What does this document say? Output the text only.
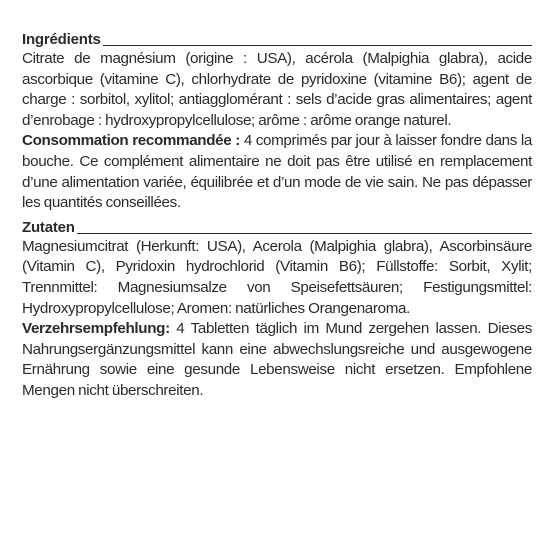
Ingrédients

Citrate de magnésium (origine : USA), acérola (Malpighia glabra), acide ascorbique (vitamine C), chlorhydrate de pyridoxine (vitamine B6); agent de charge : sorbitol, xylitol; antiagglomérant : sels d’acide gras alimentaires; agent d’enrobage : hydroxypropylcellulose; arôme : arôme orange naturel.

Consommation recommandée : 4 comprimés par jour à laisser fondre dans la bouche. Ce complément alimentaire ne doit pas être utilisé en remplacement d’une alimentation variée, équilibrée et d’un mode de vie sain. Ne pas dépasser les quantités conseillées.

Zutaten

Magnesiumcitrat (Herkunft: USA), Acerola (Malpighia glabra), Ascorbinsäure (Vitamin C), Pyridoxin hydrochlorid (Vitamin B6); Füllstoffe: Sorbit, Xylit; Trennmittel: Magnesiumsalze von Speisefettsäuren; Festigungsmittel: Hydroxypropylcellulose; Aromen: natürliches Orangenaroma.

Verzehrsempfehlung: 4 Tabletten täglich im Mund zergehen lassen. Dieses Nahrungsergänzungsmittel kann eine abwechslungsreiche und ausgewogene Ernährung sowie eine gesunde Lebensweise nicht ersetzen. Empfohlene Mengen nicht überschreiten.
